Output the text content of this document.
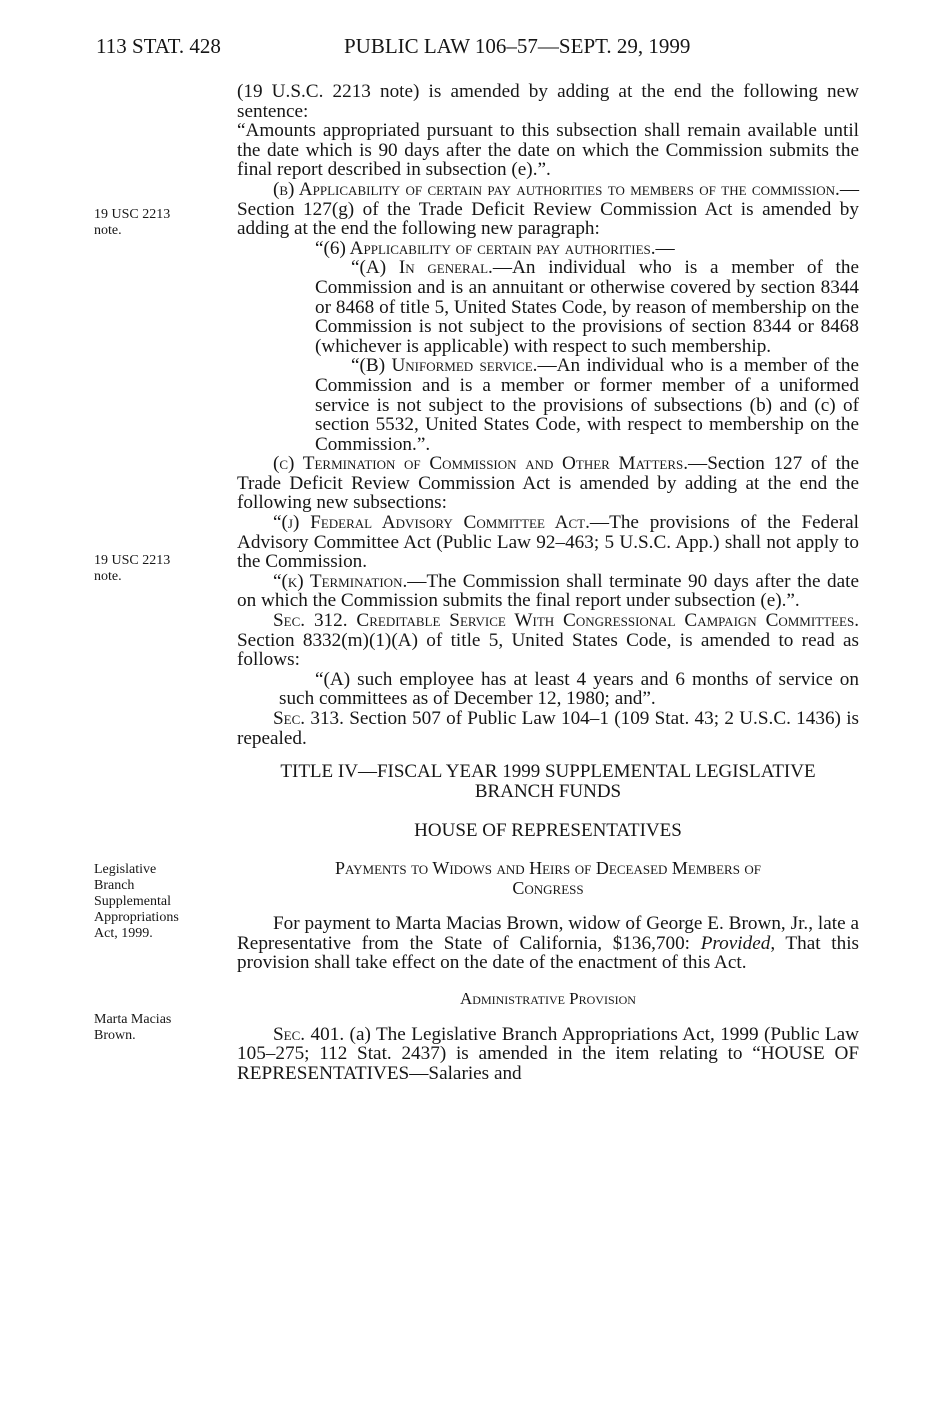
113 STAT. 428	PUBLIC LAW 106–57—SEPT. 29, 1999
19 USC 2213
note.
19 USC 2213
note.
Legislative
Branch
Supplemental
Appropriations
Act, 1999.
Marta Macias
Brown.

(19 U.S.C. 2213 note) is amended by adding at the end the following new sentence:

“Amounts appropriated pursuant to this subsection shall remain available until the date which is 90 days after the date on which the Commission submits the final report described in subsection (e).”.

(b) Applicability of certain pay authorities to members of the commission.—Section 127(g) of the Trade Deficit Review Commission Act is amended by adding at the end the following new paragraph:

“(6) Applicability of certain pay authorities.—

“(A) In general.—An individual who is a member of the Commission and is an annuitant or otherwise covered by section 8344 or 8468 of title 5, United States Code, by reason of membership on the Commission is not subject to the provisions of section 8344 or 8468 (whichever is applicable) with respect to such membership.

“(B) Uniformed service.—An individual who is a member of the Commission and is a member or former member of a uniformed service is not subject to the provisions of subsections (b) and (c) of section 5532, United States Code, with respect to membership on the Commission.”.

(c) Termination of Commission and Other Matters.—Section 127 of the Trade Deficit Review Commission Act is amended by adding at the end the following new subsections:

“(j) Federal Advisory Committee Act.—The provisions of the Federal Advisory Committee Act (Public Law 92–463; 5 U.S.C. App.) shall not apply to the Commission.

“(k) Termination.—The Commission shall terminate 90 days after the date on which the Commission submits the final report under subsection (e).”.

Sec. 312. Creditable Service With Congressional Campaign Committees. Section 8332(m)(1)(A) of title 5, United States Code, is amended to read as follows:

“(A) such employee has at least 4 years and 6 months of service on such committees as of December 12, 1980; and”.

Sec. 313. Section 507 of Public Law 104–1 (109 Stat. 43; 2 U.S.C. 1436) is repealed.

TITLE IV—FISCAL YEAR 1999 SUPPLEMENTAL LEGISLATIVE
BRANCH FUNDS

HOUSE OF REPRESENTATIVES

Payments to Widows and Heirs of Deceased Members of
Congress

For payment to Marta Macias Brown, widow of George E. Brown, Jr., late a Representative from the State of California, $136,700: Provided, That this provision shall take effect on the date of the enactment of this Act.

Administrative Provision

Sec. 401. (a) The Legislative Branch Appropriations Act, 1999 (Public Law 105–275; 112 Stat. 2437) is amended in the item relating to “HOUSE OF REPRESENTATIVES—Salaries and
